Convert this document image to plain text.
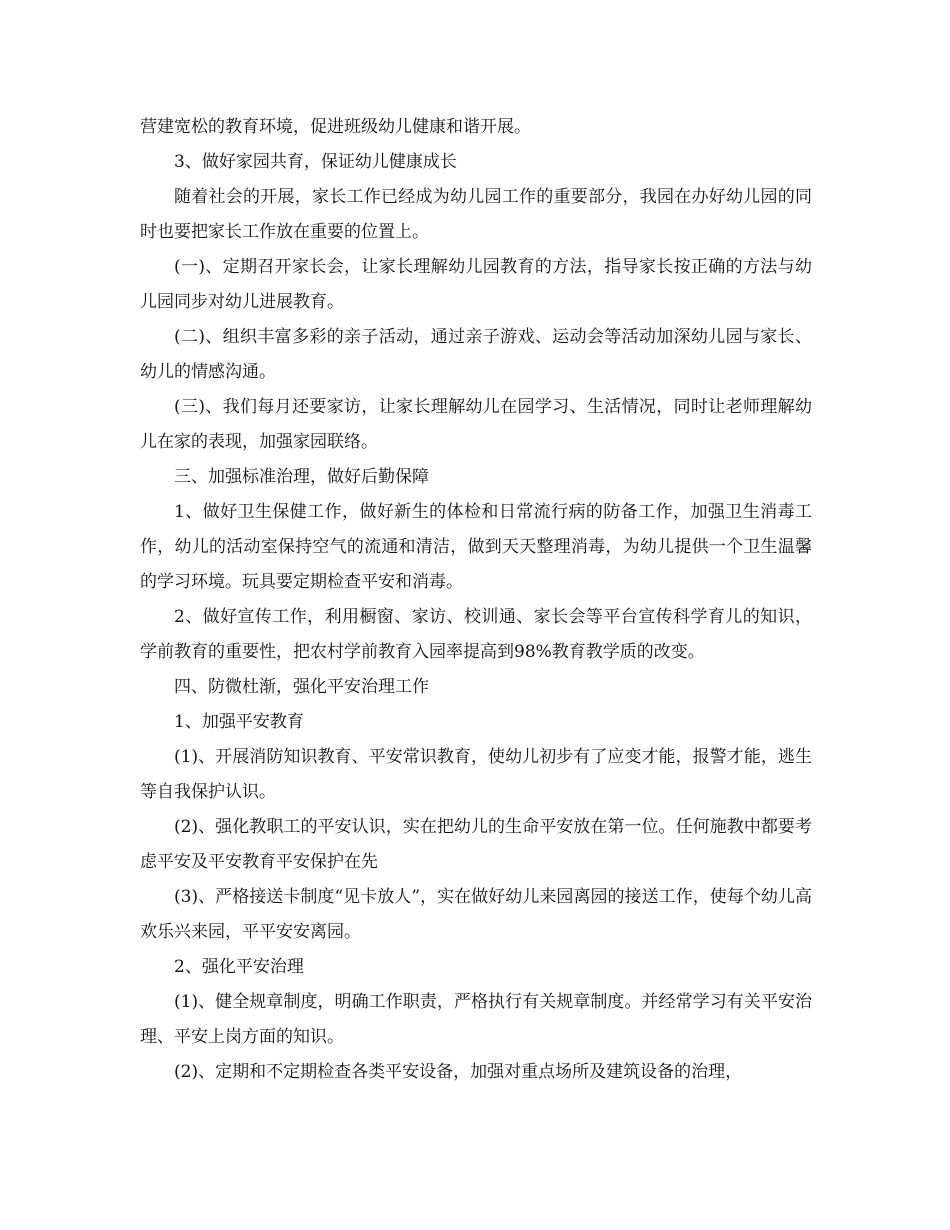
营建宽松的教育环境，促进班级幼儿健康和谐开展。

3、做好家园共育，保证幼儿健康成长

随着社会的开展，家长工作已经成为幼儿园工作的重要部分，我园在办好幼儿园的同时也要把家长工作放在重要的位置上。

(一)、定期召开家长会，让家长理解幼儿园教育的方法，指导家长按正确的方法与幼儿园同步对幼儿进展教育。

(二)、组织丰富多彩的亲子活动，通过亲子游戏、运动会等活动加深幼儿园与家长、幼儿的情感沟通。

(三)、我们每月还要家访，让家长理解幼儿在园学习、生活情况，同时让老师理解幼儿在家的表现，加强家园联络。

三、加强标准治理，做好后勤保障

1、做好卫生保健工作，做好新生的体检和日常流行病的防备工作，加强卫生消毒工作，幼儿的活动室保持空气的流通和清洁，做到天天整理消毒，为幼儿提供一个卫生温馨的学习环境。玩具要定期检查平安和消毒。

2、做好宣传工作，利用橱窗、家访、校训通、家长会等平台宣传科学育儿的知识，学前教育的重要性，把农村学前教育入园率提高到98%教育教学质的改变。

四、防微杜渐，强化平安治理工作

1、加强平安教育

(1)、开展消防知识教育、平安常识教育，使幼儿初步有了应变才能，报警才能，逃生等自我保护认识。

(2)、强化教职工的平安认识，实在把幼儿的生命平安放在第一位。任何施教中都要考虑平安及平安教育平安保护在先

(3)、严格接送卡制度“见卡放人”，实在做好幼儿来园离园的接送工作，使每个幼儿高欢乐兴来园，平平安安离园。

2、强化平安治理

(1)、健全规章制度，明确工作职责，严格执行有关规章制度。并经常学习有关平安治理、平安上岗方面的知识。

(2)、定期和不定期检查各类平安设备，加强对重点场所及建筑设备的治理，
